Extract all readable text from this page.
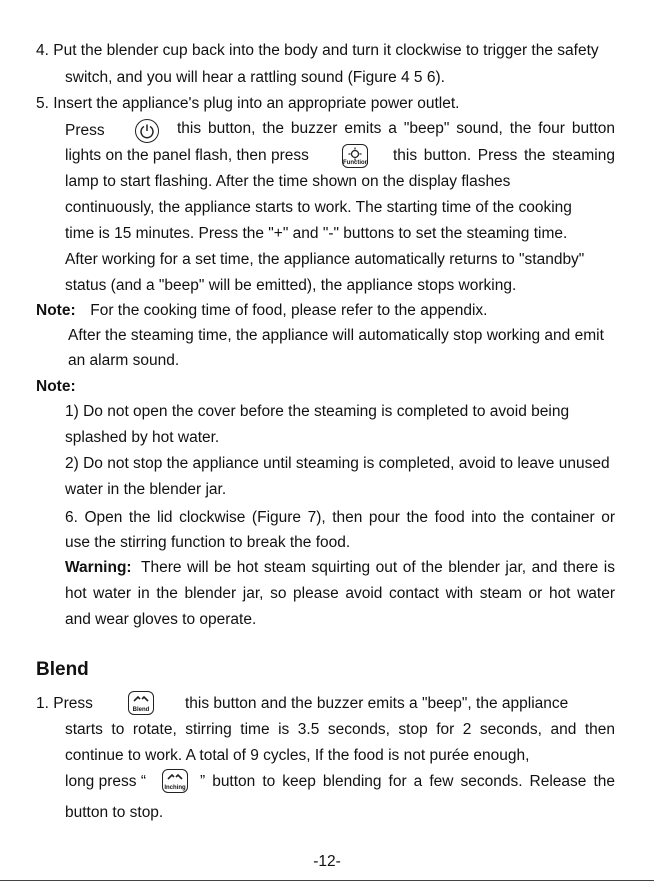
4. Put the blender cup back into the body and turn it clockwise to trigger the safety
switch, and you will hear a rattling sound (Figure 4 5 6).
5. Insert the appliance's plug into an appropriate power outlet.
Press
	this button, the buzzer emits a "beep" sound, the four button
lights on the panel flash, then press	Function this button. Press the steaming
lamp to start flashing. After the time shown on the display flashes
continuously, the appliance starts to work. The starting time of the cooking
time is 15 minutes. Press the "+" and "-" buttons to set the steaming time.
After working for a set time, the appliance automatically returns to "standby"
status (and a "beep" will be emitted), the appliance stops working.
Note: For the cooking time of food, please refer to the appendix.
After the steaming time, the appliance will automatically stop working and emit
an alarm sound.
Note:
1) Do not open the cover before the steaming is completed to avoid being
splashed by hot water.
2) Do not stop the appliance until steaming is completed, avoid to leave unused
water in the blender jar.
6. Open the lid clockwise (Figure 7), then pour the food into the container or
use the stirring function to break the food.
Warning: There will be hot steam squirting out of the blender jar, and there is
hot water in the blender jar, so please avoid contact with steam or hot water
and wear gloves to operate.
Blend
1. Press	Blend this button and the buzzer emits a "beep", the appliance
starts to rotate, stirring time is 3.5 seconds, stop for 2 seconds, and then
continue to work. A total of 9 cycles, If the food is not purée enough,
long press “	Inching ” button to keep blending for a few seconds. Release the
button to stop.
-12-
